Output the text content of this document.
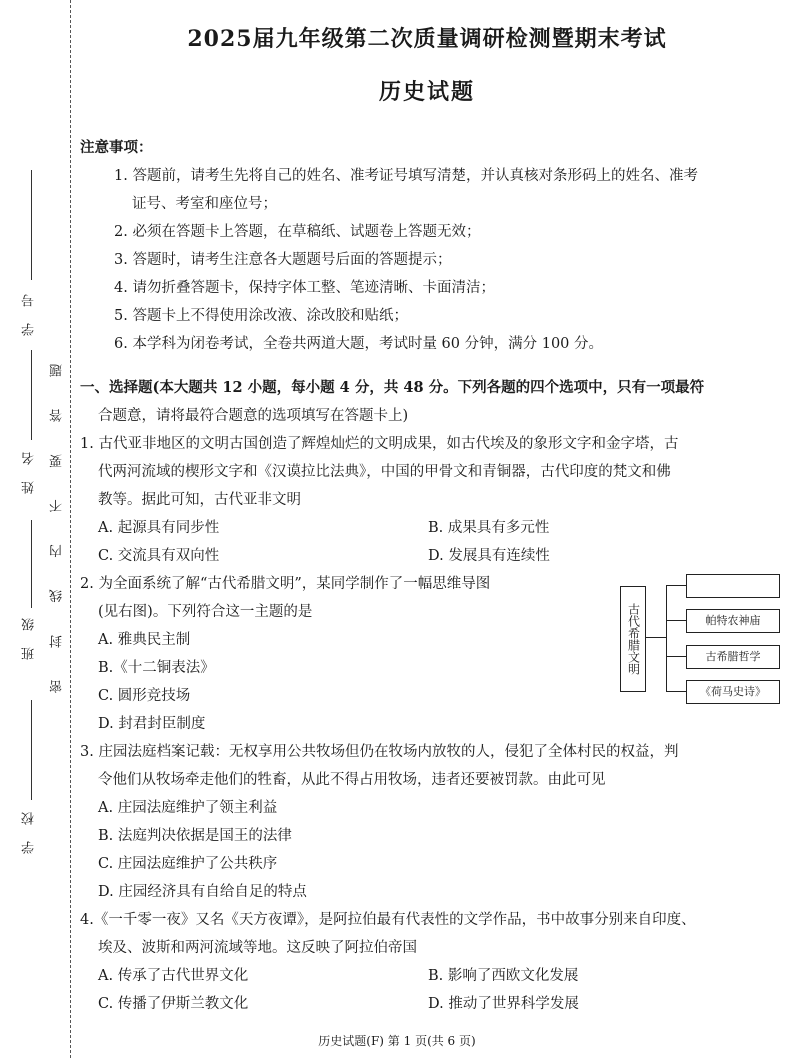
学 号
姓 名
班 级
学 校
密 封 线 内 不 要 答 题
2025届九年级第二次质量调研检测暨期末考试
历史试题
注意事项：
1. 答题前，请考生先将自己的姓名、准考证号填写清楚，并认真核对条形码上的姓名、准考
证号、考室和座位号；
2. 必须在答题卡上答题，在草稿纸、试题卷上答题无效；
3. 答题时，请考生注意各大题题号后面的答题提示；
4. 请勿折叠答题卡，保持字体工整、笔迹清晰、卡面清洁；
5. 答题卡上不得使用涂改液、涂改胶和贴纸；
6. 本学科为闭卷考试，全卷共两道大题，考试时量 60 分钟，满分 100 分。
一、选择题(本大题共 12 小题，每小题 4 分，共 48 分。下列各题的四个选项中，只有一项最符
合题意，请将最符合题意的选项填写在答题卡上)
1. 古代亚非地区的文明古国创造了辉煌灿烂的文明成果，如古代埃及的象形文字和金字塔，古
代两河流域的楔形文字和《汉谟拉比法典》，中国的甲骨文和青铜器，古代印度的梵文和佛
教等。据此可知，古代亚非文明
A. 起源具有同步性	B. 成果具有多元性
C. 交流具有双向性	D. 发展具有连续性
2. 为全面系统了解“古代希腊文明”，某同学制作了一幅思维导图
(见右图)。下列符合这一主题的是
A. 雅典民主制
B.《十二铜表法》
C. 圆形竞技场
D. 封君封臣制度
3. 庄园法庭档案记载：无权享用公共牧场但仍在牧场内放牧的人，侵犯了全体村民的权益，判
令他们从牧场牵走他们的牲畜，从此不得占用牧场，违者还要被罚款。由此可见
A. 庄园法庭维护了领主利益
B. 法庭判决依据是国王的法律
C. 庄园法庭维护了公共秩序
D. 庄园经济具有自给自足的特点
4.《一千零一夜》又名《天方夜谭》，是阿拉伯最有代表性的文学作品，书中故事分别来自印度、
埃及、波斯和两河流域等地。这反映了阿拉伯帝国
A. 传承了古代世界文化	B. 影响了西欧文化发展
C. 传播了伊斯兰教文化	D. 推动了世界科学发展
古代希腊文明	帕特农神庙
古希腊哲学
《荷马史诗》
历史试题(F) 第 1 页(共 6 页)
